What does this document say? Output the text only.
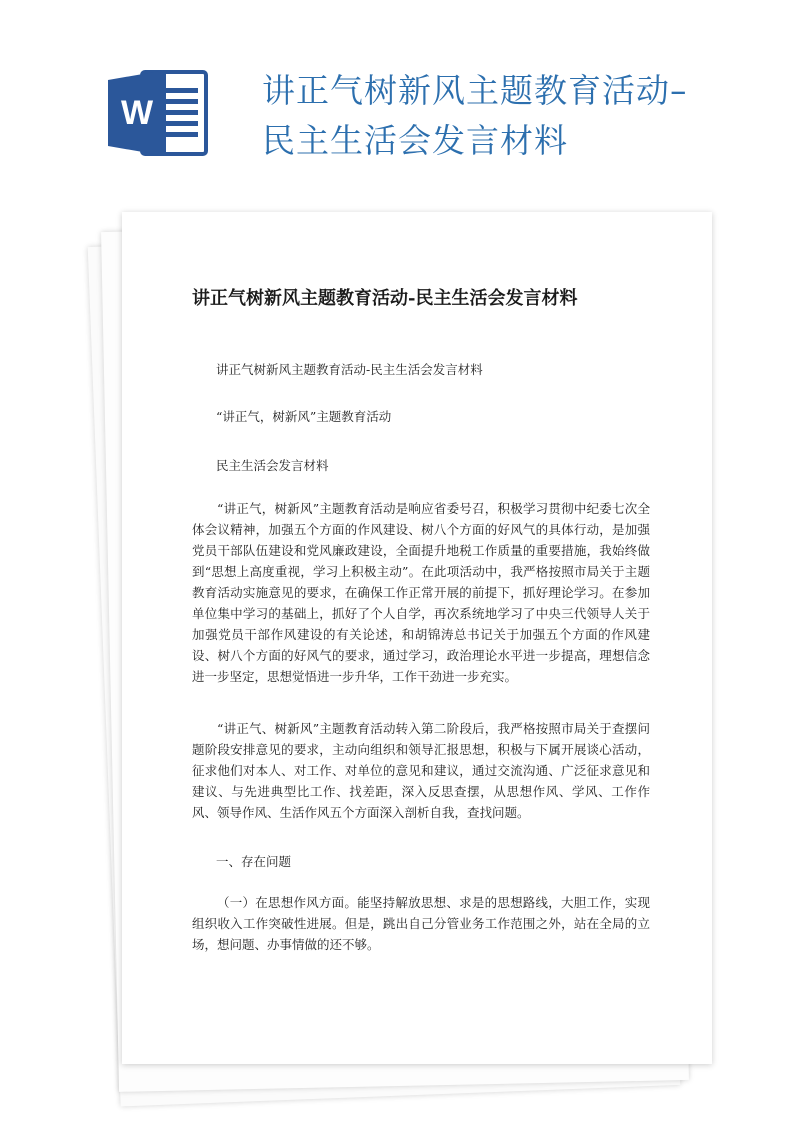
W
讲正气树新风主题教育活动–
民主生活会发言材料
讲正气树新风主题教育活动-民主生活会发言材料
讲正气树新风主题教育活动-民主生活会发言材料
“讲正气，树新风”主题教育活动
民主生活会发言材料

“讲正气，树新风”主题教育活动是响应省委号召，积极学习贯彻中纪委七次全体会议精神，加强五个方面的作风建设、树八个方面的好风气的具体行动，是加强党员干部队伍建设和党风廉政建设，全面提升地税工作质量的重要措施，我始终做到“思想上高度重视，学习上积极主动”。在此项活动中，我严格按照市局关于主题教育活动实施意见的要求，在确保工作正常开展的前提下，抓好理论学习。在参加单位集中学习的基础上，抓好了个人自学，再次系统地学习了中央三代领导人关于加强党员干部作风建设的有关论述，和胡锦涛总书记关于加强五个方面的作风建设、树八个方面的好风气的要求，通过学习，政治理论水平进一步提高，理想信念进一步坚定，思想觉悟进一步升华，工作干劲进一步充实。

“讲正气、树新风”主题教育活动转入第二阶段后，我严格按照市局关于查摆问题阶段安排意见的要求，主动向组织和领导汇报思想，积极与下属开展谈心活动，征求他们对本人、对工作、对单位的意见和建议，通过交流沟通、广泛征求意见和建议、与先进典型比工作、找差距，深入反思查摆，从思想作风、学风、工作作风、领导作风、生活作风五个方面深入剖析自我，查找问题。

一、存在问题

（一）在思想作风方面。能坚持解放思想、求是的思想路线，大胆工作，实现组织收入工作突破性进展。但是，跳出自己分管业务工作范围之外，站在全局的立场，想问题、办事情做的还不够。
